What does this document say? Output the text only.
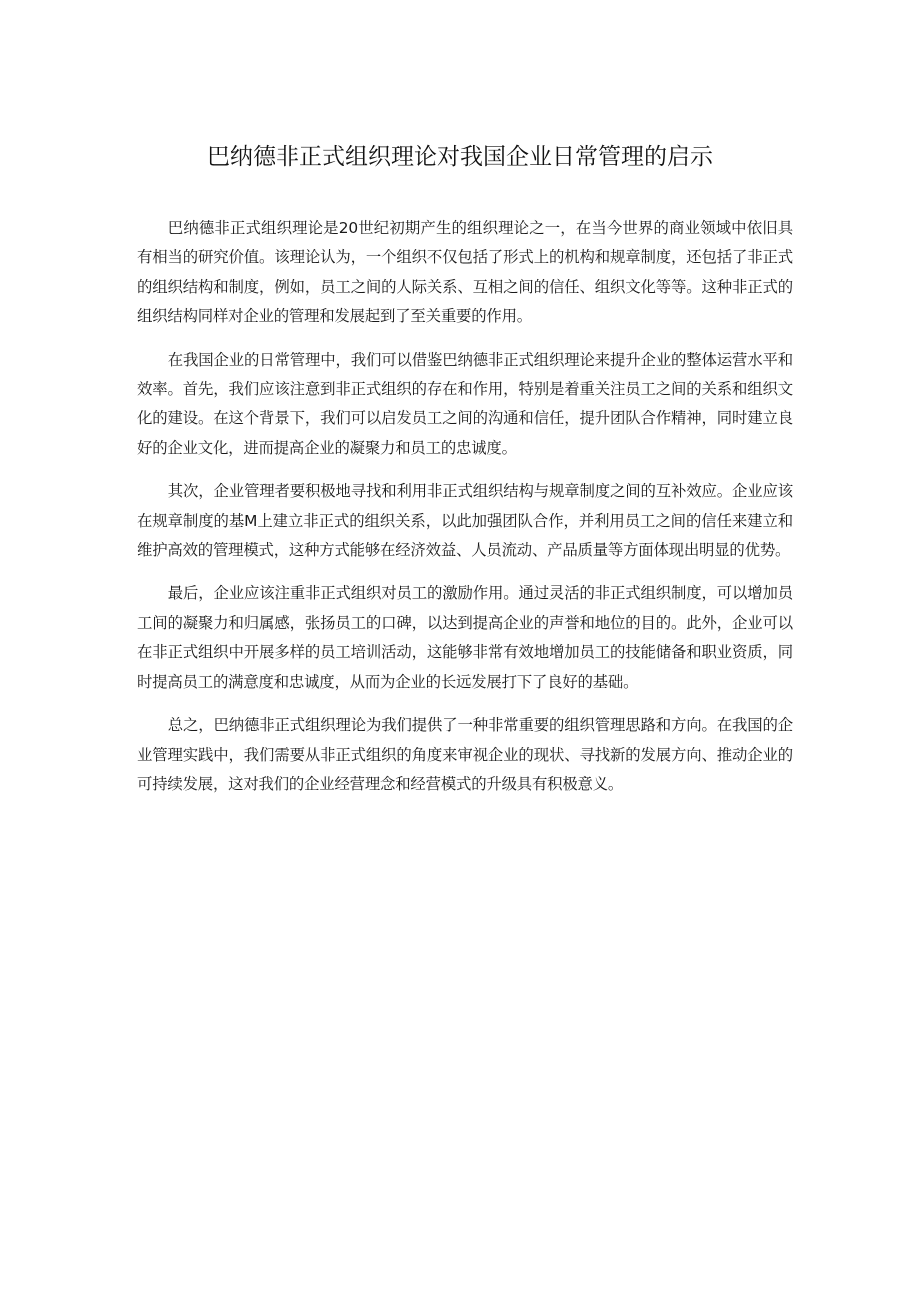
巴纳德非正式组织理论对我国企业日常管理的启示

巴纳德非正式组织理论是20世纪初期产生的组织理论之一，在当今世界的商业领域中依旧具有相当的研究价值。该理论认为，一个组织不仅包括了形式上的机构和规章制度，还包括了非正式的组织结构和制度，例如，员工之间的人际关系、互相之间的信任、组织文化等等。这种非正式的组织结构同样对企业的管理和发展起到了至关重要的作用。

在我国企业的日常管理中，我们可以借鉴巴纳德非正式组织理论来提升企业的整体运营水平和效率。首先，我们应该注意到非正式组织的存在和作用，特别是着重关注员工之间的关系和组织文化的建设。在这个背景下，我们可以启发员工之间的沟通和信任，提升团队合作精神，同时建立良好的企业文化，进而提高企业的凝聚力和员工的忠诚度。

其次，企业管理者要积极地寻找和利用非正式组织结构与规章制度之间的互补效应。企业应该在规章制度的基M上建立非正式的组织关系，以此加强团队合作，并利用员工之间的信任来建立和维护高效的管理模式，这种方式能够在经济效益、人员流动、产品质量等方面体现出明显的优势。

最后，企业应该注重非正式组织对员工的激励作用。通过灵活的非正式组织制度，可以增加员工间的凝聚力和归属感，张扬员工的口碑，以达到提高企业的声誉和地位的目的。此外，企业可以在非正式组织中开展多样的员工培训活动，这能够非常有效地增加员工的技能储备和职业资质，同时提高员工的满意度和忠诚度，从而为企业的长远发展打下了良好的基础。

总之，巴纳德非正式组织理论为我们提供了一种非常重要的组织管理思路和方向。在我国的企业管理实践中，我们需要从非正式组织的角度来审视企业的现状、寻找新的发展方向、推动企业的可持续发展，这对我们的企业经营理念和经营模式的升级具有积极意义。
